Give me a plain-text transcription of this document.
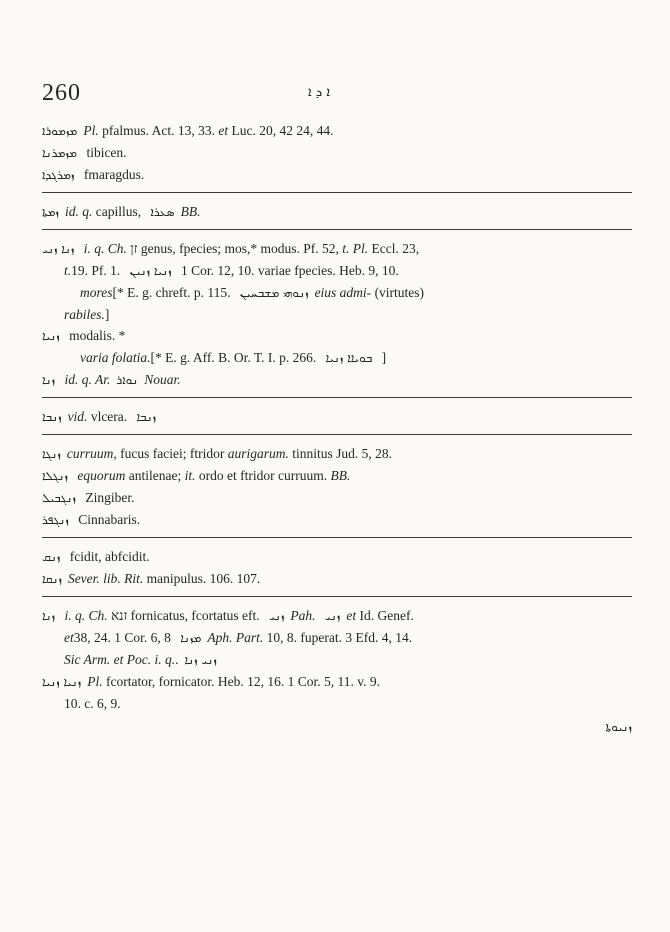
260	ܐ ܕ ܐ
ܡܙܡܘܪܐ Pl. pfalmus. Act. 13, 33. et Luc. 20, 42 24, 44.
ܡܙܡܪܢܐ tibicen.
ܙܡܪܓܕܐ fmaragdus.
ܙܡܬܐ id. q. capillus, ܣܥܪܐ BB.
ܙܢܐ ܙܢܝ i. q. Ch. זן genus, fpecies; mos,* modus. Pf. 52, t. Pl. Eccl. 23,
t.19. Pf. 1. ܙܢܝܐ ܙܢܝܢ 1 Cor. 12, 10. variae fpecies. Heb. 9, 10.
mores[* E. g. chreft. p. 115. ܙܢܘܗܝ ܡܫܒܚܝܢ eius admi- (virtutes)
rabiles.]
ܙܢܝܐ modalis. *
varia folatia.[* E. g. Aff. B. Or. T. I. p. 266. ܒܘܝܐܐ ܙܢܝܐ ]
ܙܢܐ id. q. Ar. ܢܘܐܪ Nouar.
ܙܢܒܐ vid. vlcera. ܙܢܒܐ
ܙܢܓܐ curruum, fucus faciei; ftridor aurigarum. tinnitus Jud. 5, 28.
ܙܢܓܠܐ equorum antilenae; it. ordo et ftridor curruum. BB.
ܙܢܓܒܝܠ Zingiber.
ܙܢܓܦܪ Cinnabaris.
ܙܢܩ fcidit, abfcidit.
ܙܢܩܐ Sever. lib. Rit. manipulus. 106. 107.
ܙܢܐ i. q. Ch. זנא fornicatus, fcortatus eft. ܙܢܝ Pah. ܙܢܝ et Id. Genef.
et38, 24. 1 Cor. 6, 8 ܡܙܢܐ Aph. Part. 10, 8. fuperat. 3 Efd. 4, 14.
Sic Arm. et Poc. i. q.. ܙܢܝ ܙܢܐ
ܙܢܝܐ ܙܢܝܐ Pl. fcortator, fornicator. Heb. 12, 16. 1 Cor. 5, 11. v. 9.
10. c. 6, 9.
ܙܢܝܘܬܐ
